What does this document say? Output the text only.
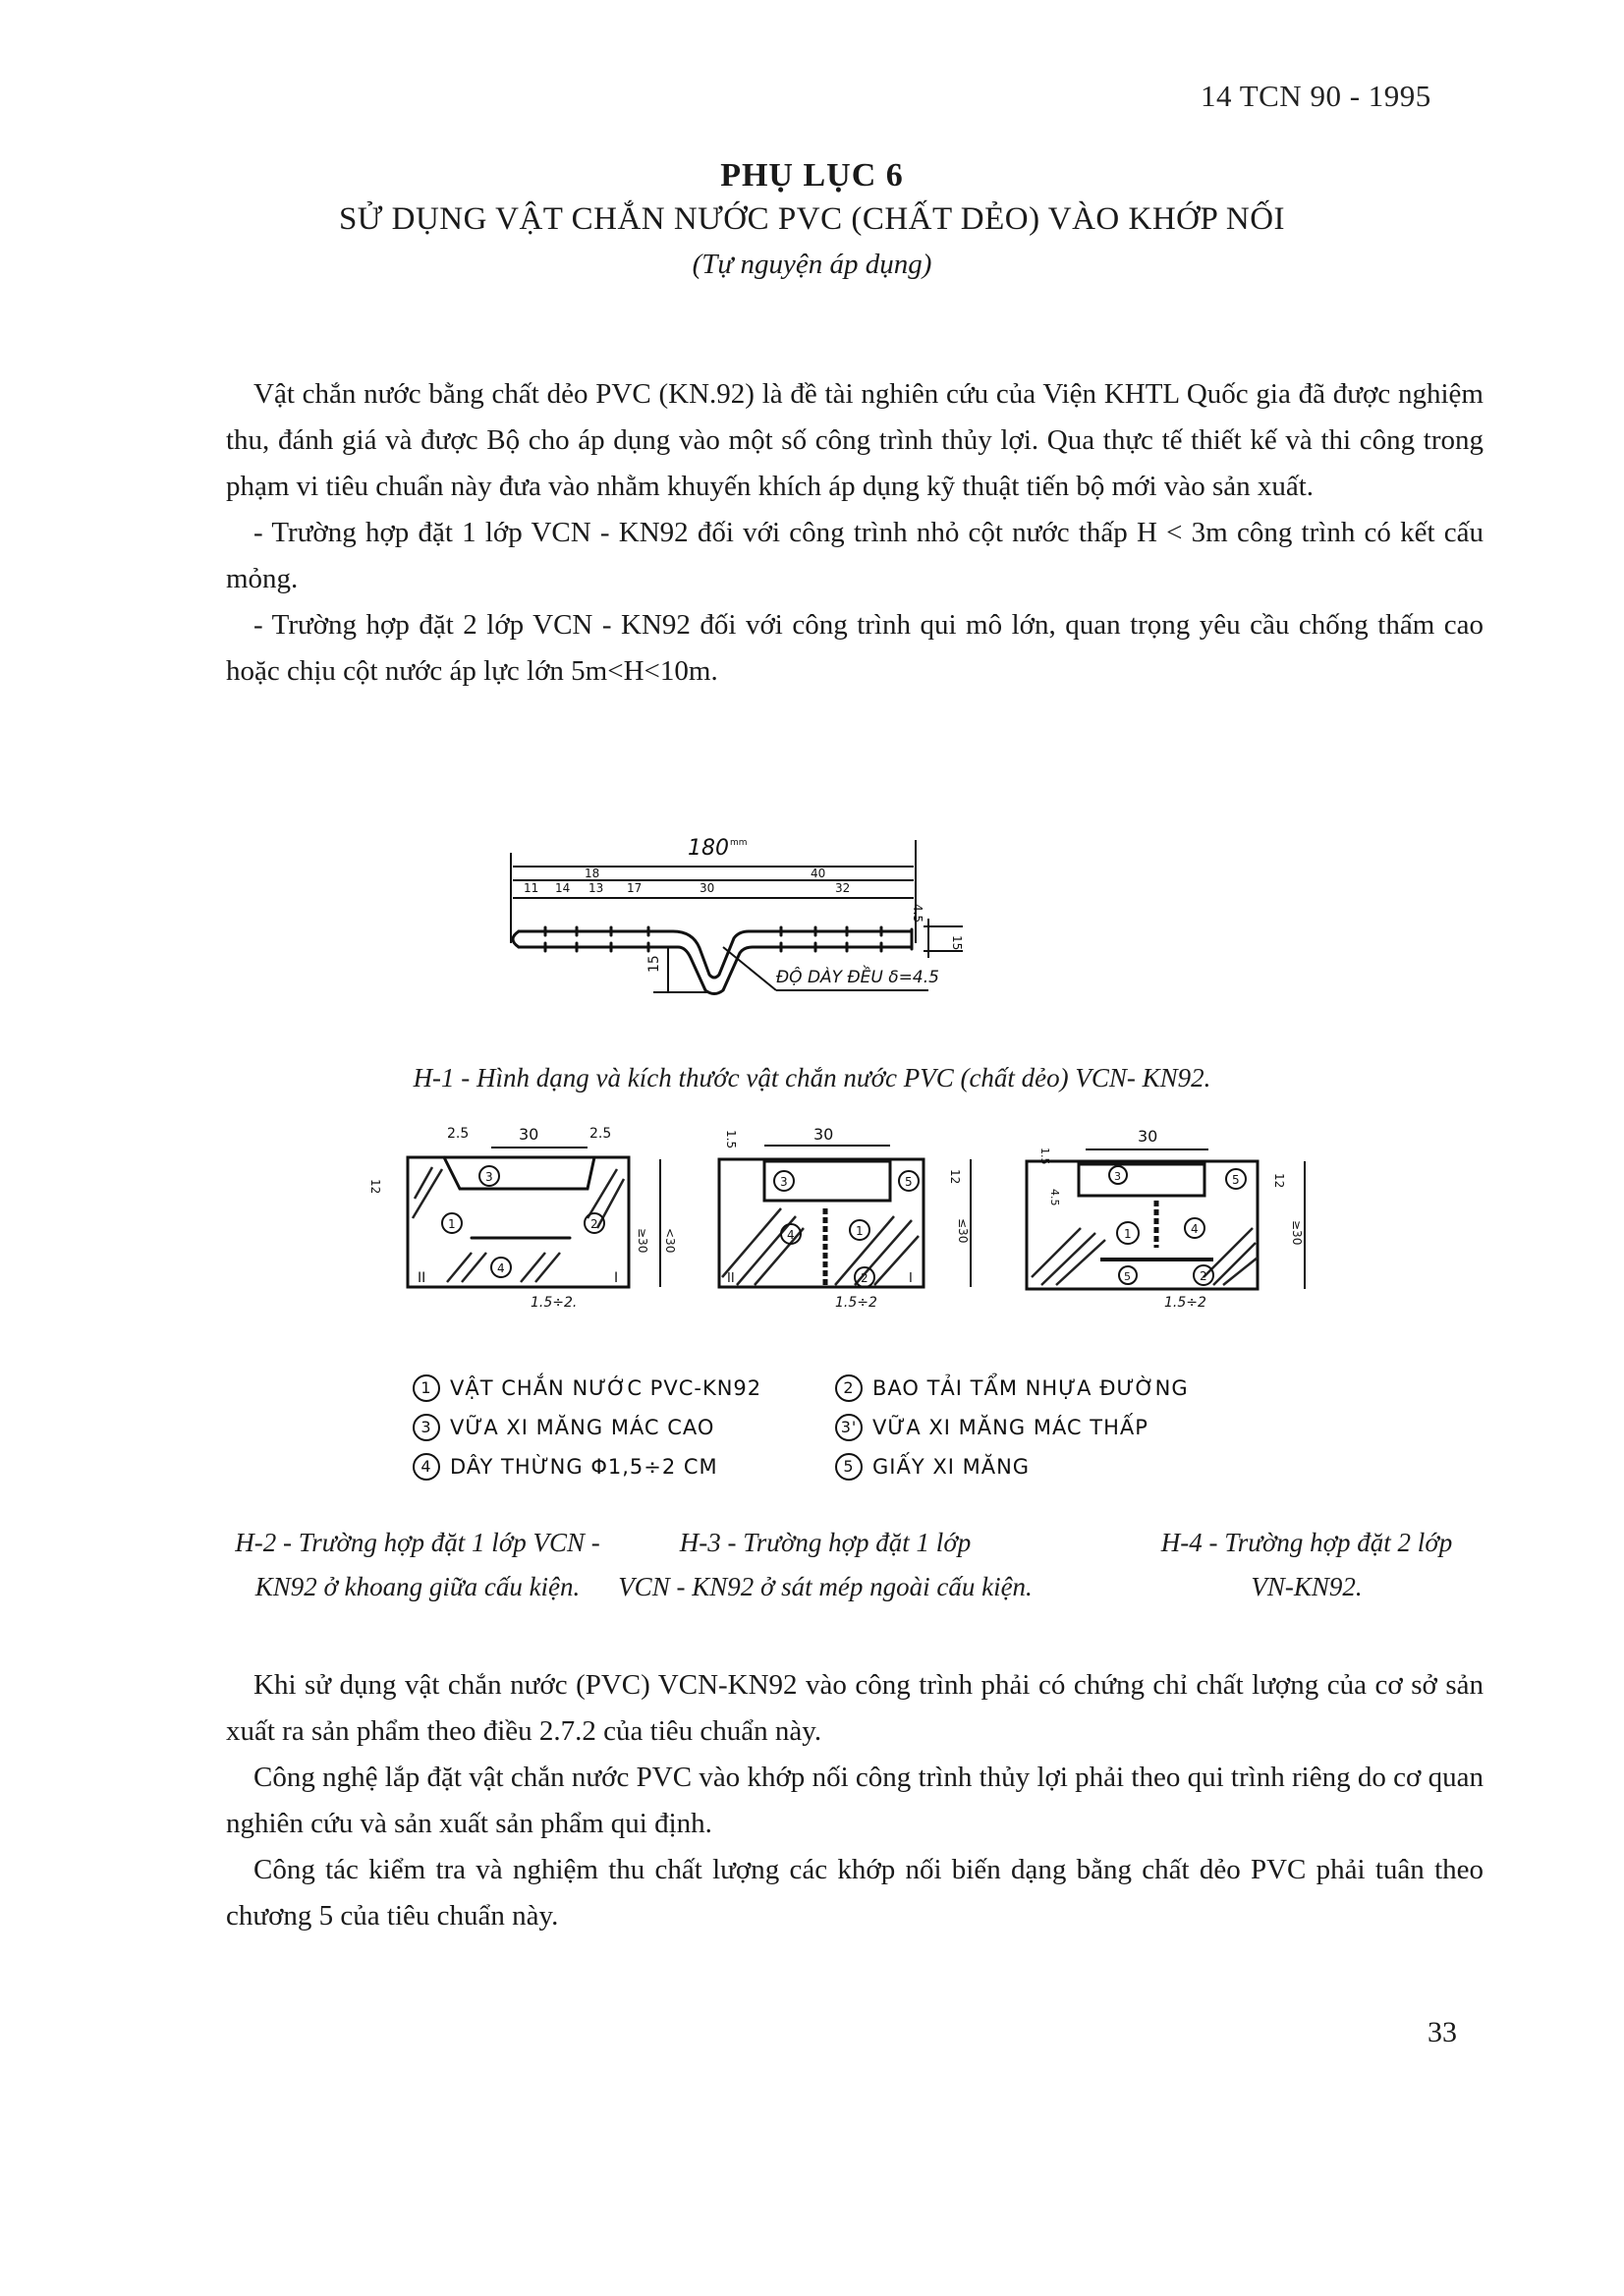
14 TCN 90 - 1995
PHỤ LỤC 6
SỬ DỤNG VẬT CHẮN NƯỚC PVC (CHẤT DẺO) VÀO KHỚP NỐI
(Tự nguyện áp dụng)

Vật chắn nước bằng chất dẻo PVC (KN.92) là đề tài nghiên cứu của Viện KHTL Quốc gia đã được nghiệm thu, đánh giá và được Bộ cho áp dụng vào một số công trình thủy lợi. Qua thực tế thiết kế và thi công trong phạm vi tiêu chuẩn này đưa vào nhằm khuyến khích áp dụng kỹ thuật tiến bộ mới vào sản xuất.

- Trường hợp đặt 1 lớp VCN - KN92 đối với công trình nhỏ cột nước thấp H < 3m công trình có kết cấu mỏng.

- Trường hợp đặt 2 lớp VCN - KN92 đối với công trình qui mô lớn, quan trọng yêu cầu chống thấm cao hoặc chịu cột nước áp lực lớn 5m<H<10m.

180 mm
18	40
11 14 13 17	30	32
15
ĐỘ DÀY ĐỀU δ=4.5
4.5
15
H-1 - Hình dạng và kích thước vật chắn nước PVC (chất dẻo) VCN- KN92.
30
2.5	2.5
12
≥30 <30
1.5÷2.
II	I
1	2
3
4
30
1.5
12
≤30
1.5÷2
II	I
3	5
4	1
2
30
1.5
4.5
12
≥30
1.5÷2
3	5
1	4
5	2
1 VẬT CHẮN NƯỚC PVC-KN92	2 BAO TẢI TẨM NHỰA ĐƯỜNG
3 VỮA XI MĂNG MÁC CAO	3' VỮA XI MĂNG MÁC THẤP
4 DÂY THỪNG Φ1,5÷2 CM	5 GIẤY XI MĂNG
H-2 - Trường hợp đặt 1 lớp VCN -
KN92 ở khoang giữa cấu kiện.
H-3 - Trường hợp đặt 1 lớp
VCN - KN92 ở sát mép ngoài cấu kiện.
H-4 - Trường hợp đặt 2 lớp
VN-KN92.

Khi sử dụng vật chắn nước (PVC) VCN-KN92 vào công trình phải có chứng chỉ chất lượng của cơ sở sản xuất ra sản phẩm theo điều 2.7.2 của tiêu chuẩn này.

Công nghệ lắp đặt vật chắn nước PVC vào khớp nối công trình thủy lợi phải theo qui trình riêng do cơ quan nghiên cứu và sản xuất sản phẩm qui định.

Công tác kiểm tra và nghiệm thu chất lượng các khớp nối biến dạng bằng chất dẻo PVC phải tuân theo chương 5 của tiêu chuẩn này.

33
